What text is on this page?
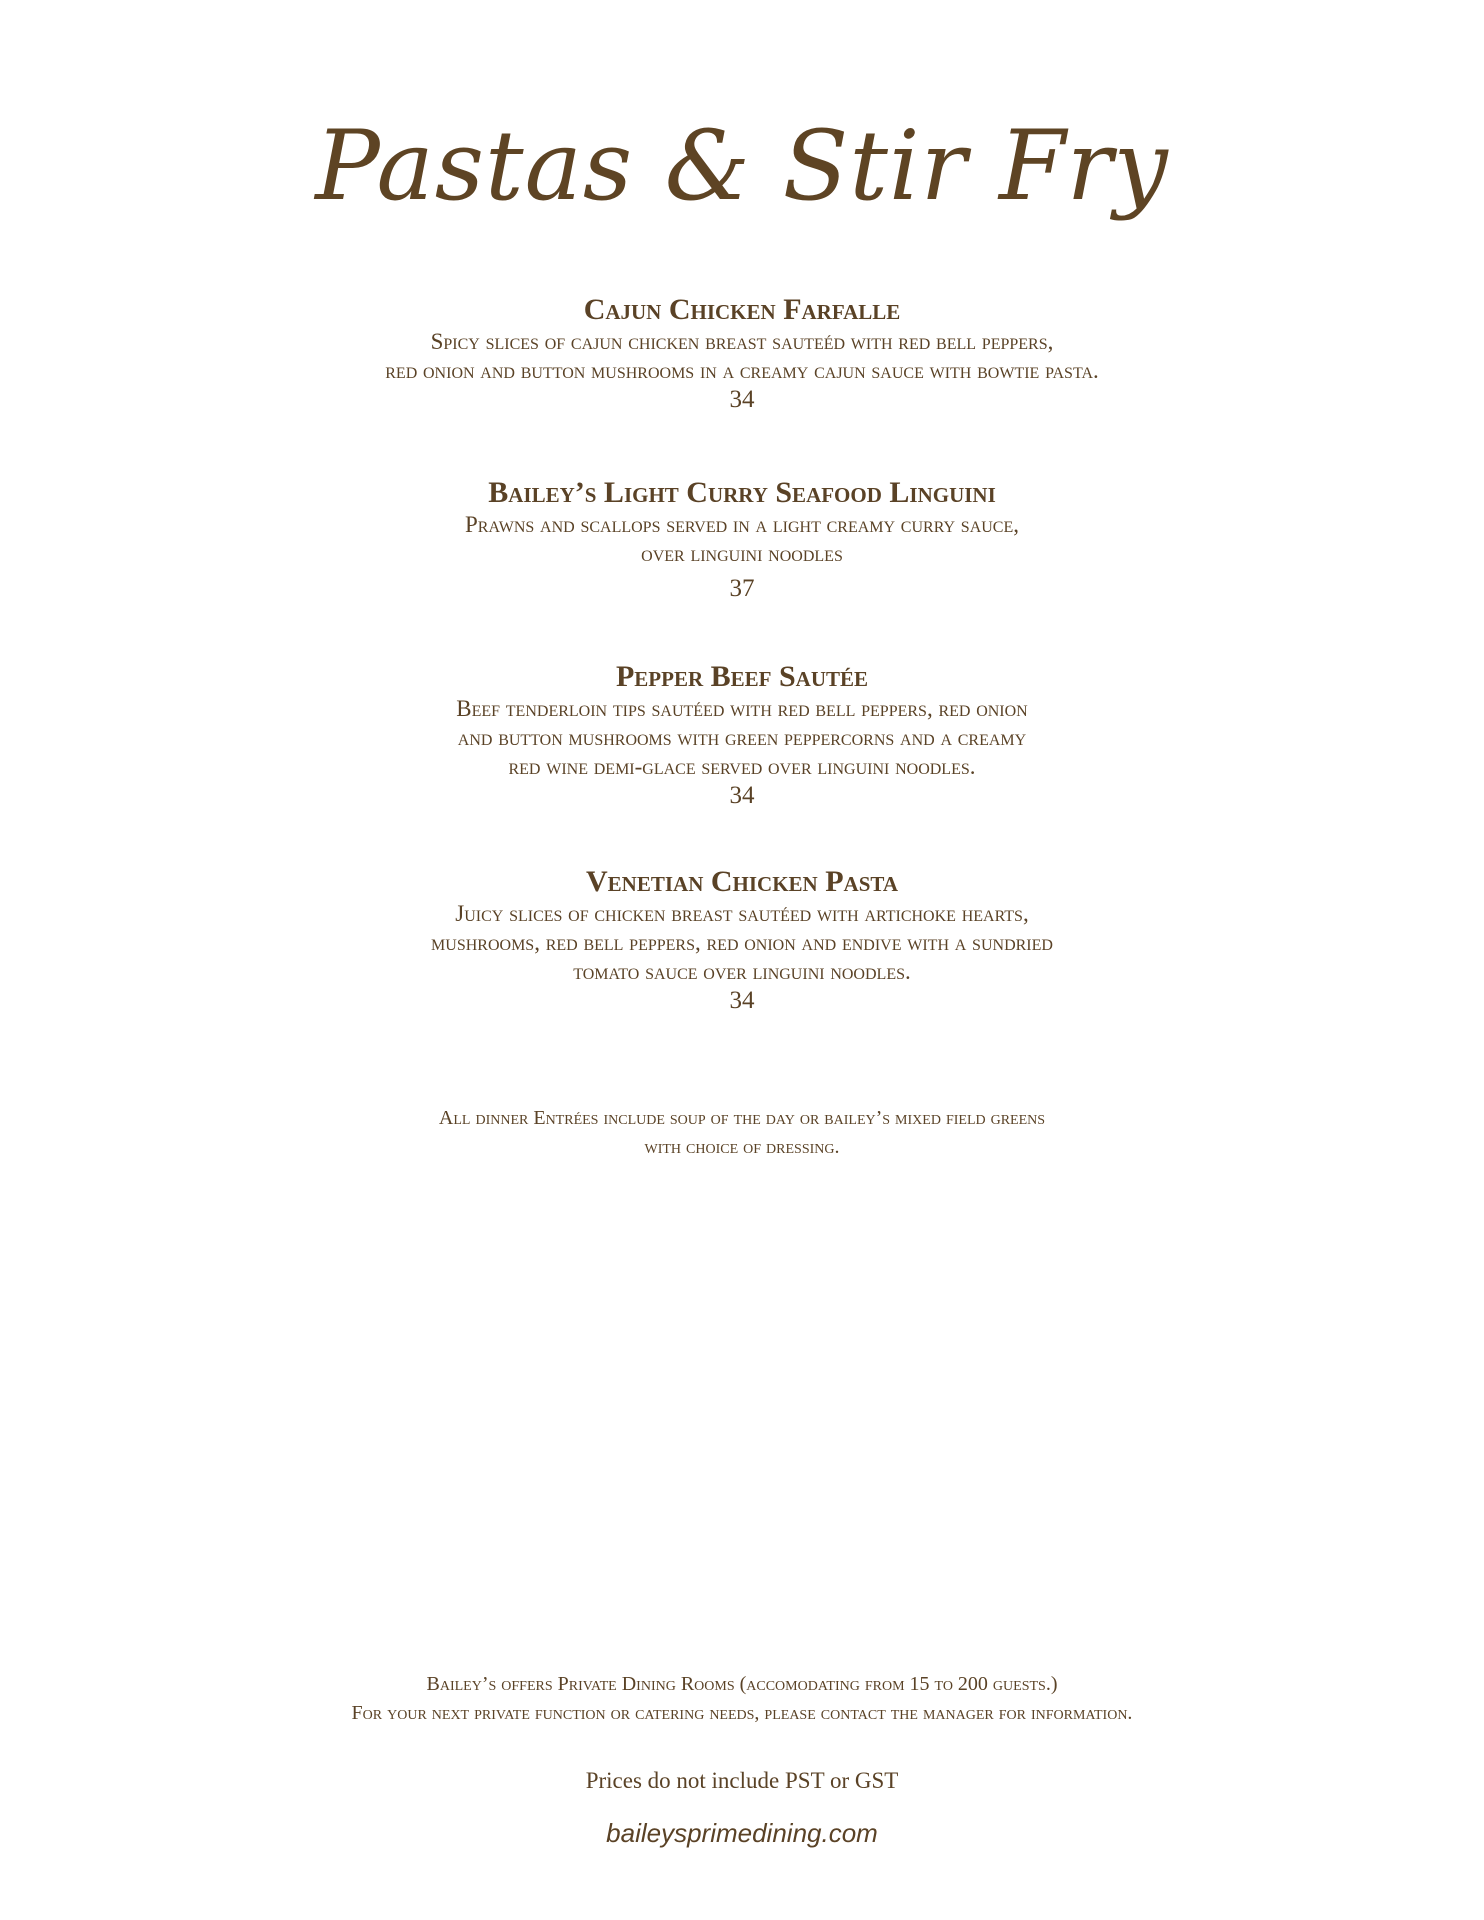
Pastas & Stir Fry
Cajun Chicken Farfalle
Spicy slices of cajun chicken breast sauteéd with red bell peppers,
red onion and button mushrooms in a creamy cajun sauce with bowtie pasta.
34
Bailey’s Light Curry Seafood Linguini
Prawns and scallops served in a light creamy curry sauce,
over linguini noodles
37
Pepper Beef Sautée
Beef tenderloin tips sautéed with red bell peppers, red onion
and button mushrooms with green peppercorns and a creamy
red wine demi-glace served over linguini noodles.
34
Venetian Chicken Pasta
Juicy slices of chicken breast sautéed with artichoke hearts,
mushrooms, red bell peppers, red onion and endive with a sundried
tomato sauce over linguini noodles.
34
All dinner Entrées include soup of the day or bailey’s mixed field greens
with choice of dressing.
Bailey’s offers Private Dining Rooms (accomodating from 15 to 200 guests.)
For your next private function or catering needs, please contact the manager for information.
Prices do not include PST or GST
baileysprimedining.com
